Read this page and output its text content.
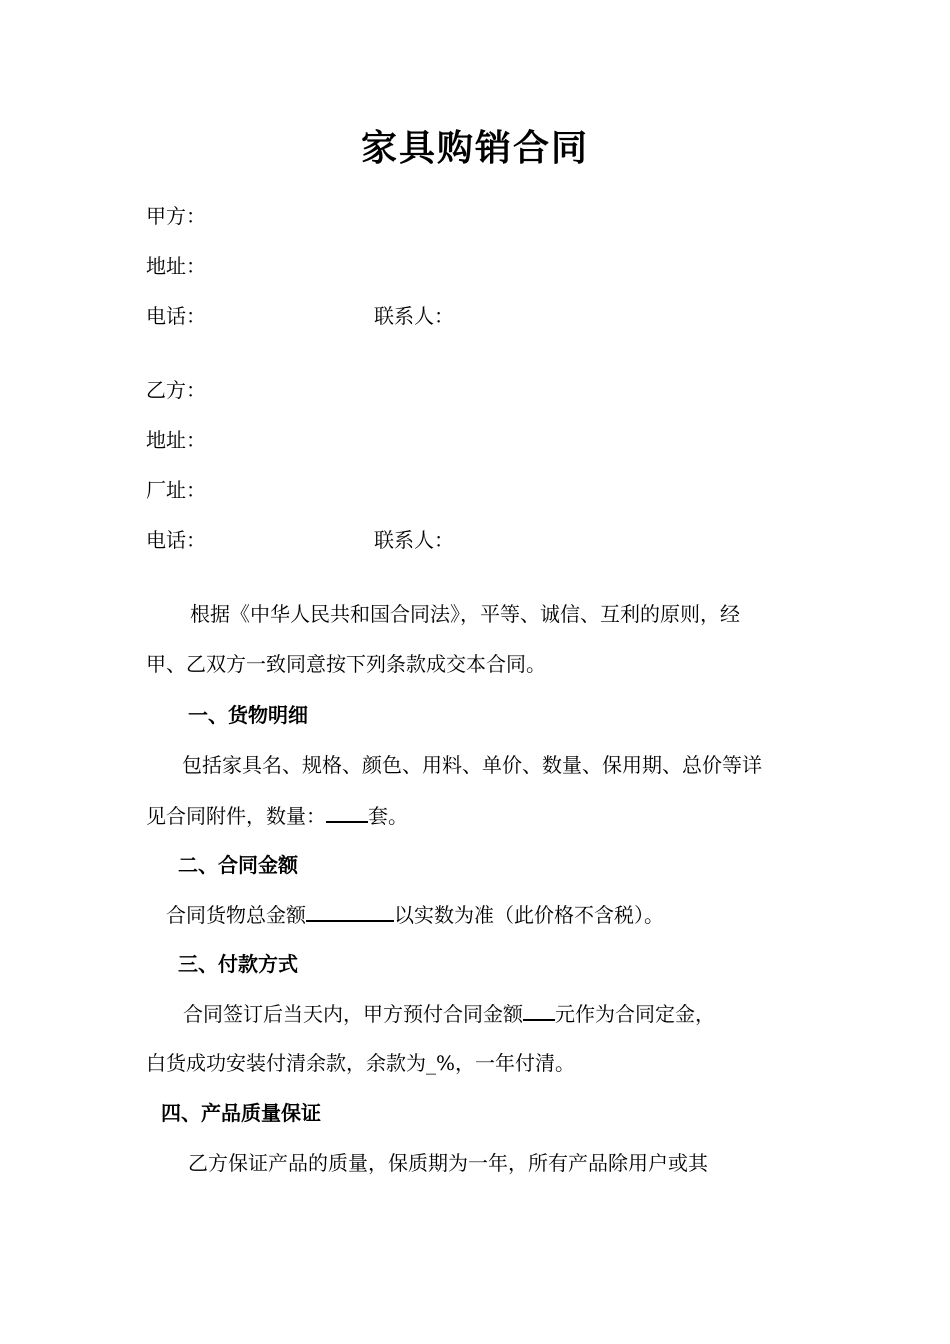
家具购销合同
甲方：
地址：
电话：	联系人：
乙方：
地址：
厂址：
电话：	联系人：
根据《中华人民共和国合同法》，平等、诚信、互利的原则，经
甲、乙双方一致同意按下列条款成交本合同。
一、货物明细
包括家具名、规格、颜色、用料、单价、数量、保用期、总价等详
见合同附件，数量： 套。
二、合同金额
合同货物总金额	以实数为准（此价格不含税）。
三、付款方式
合同签订后当天内，甲方预付合同金额 元作为合同定金，
白货成功安装付清余款，余款为_%，一年付清。
四、产品质量保证
乙方保证产品的质量，保质期为一年，所有产品除用户或其
